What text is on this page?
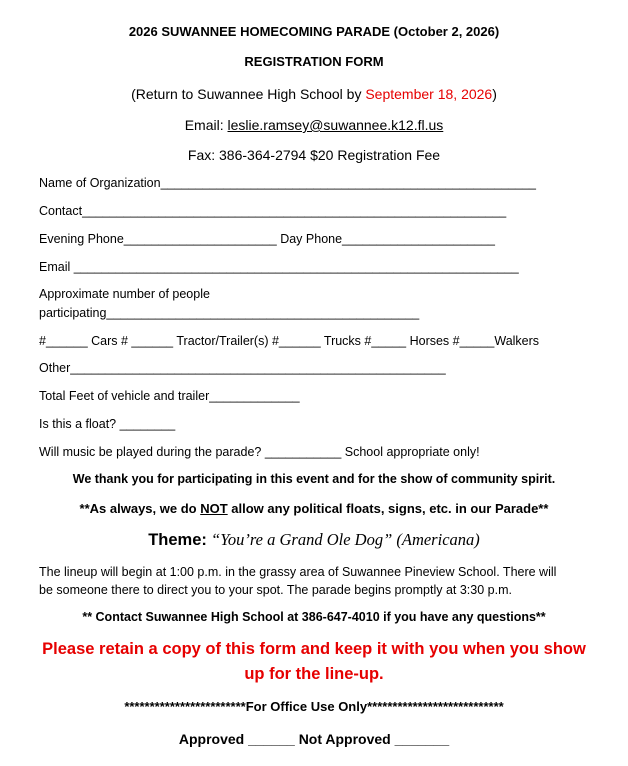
2026 SUWANNEE HOMECOMING PARADE (October 2, 2026)
REGISTRATION FORM
(Return to Suwannee High School by September 18, 2026)
Email: leslie.ramsey@suwannee.k12.fl.us
Fax: 386-364-2794 $20 Registration Fee
Name of Organization______________________________________________________
Contact_____________________________________________________________
Evening Phone______________________ Day Phone______________________
Email ________________________________________________________________
Approximate number of people
participating_____________________________________________
#______ Cars # ______ Tractor/Trailer(s) #______ Trucks #_____ Horses #_____Walkers
Other______________________________________________________
Total Feet of vehicle and trailer_____________
Is this a float? ________
Will music be played during the parade? ___________ School appropriate only!
We thank you for participating in this event and for the show of community spirit.
**As always, we do NOT allow any political floats, signs, etc. in our Parade**
Theme: “You’re a Grand Ole Dog” (Americana)
The lineup will begin at 1:00 p.m. in the grassy area of Suwannee Pineview School. There will
be someone there to direct you to your spot. The parade begins promptly at 3:30 p.m.
** Contact Suwannee High School at 386-647-4010 if you have any questions**
Please retain a copy of this form and keep it with you when you show
up for the line-up.
************************For Office Use Only***************************
Approved ______ Not Approved _______
